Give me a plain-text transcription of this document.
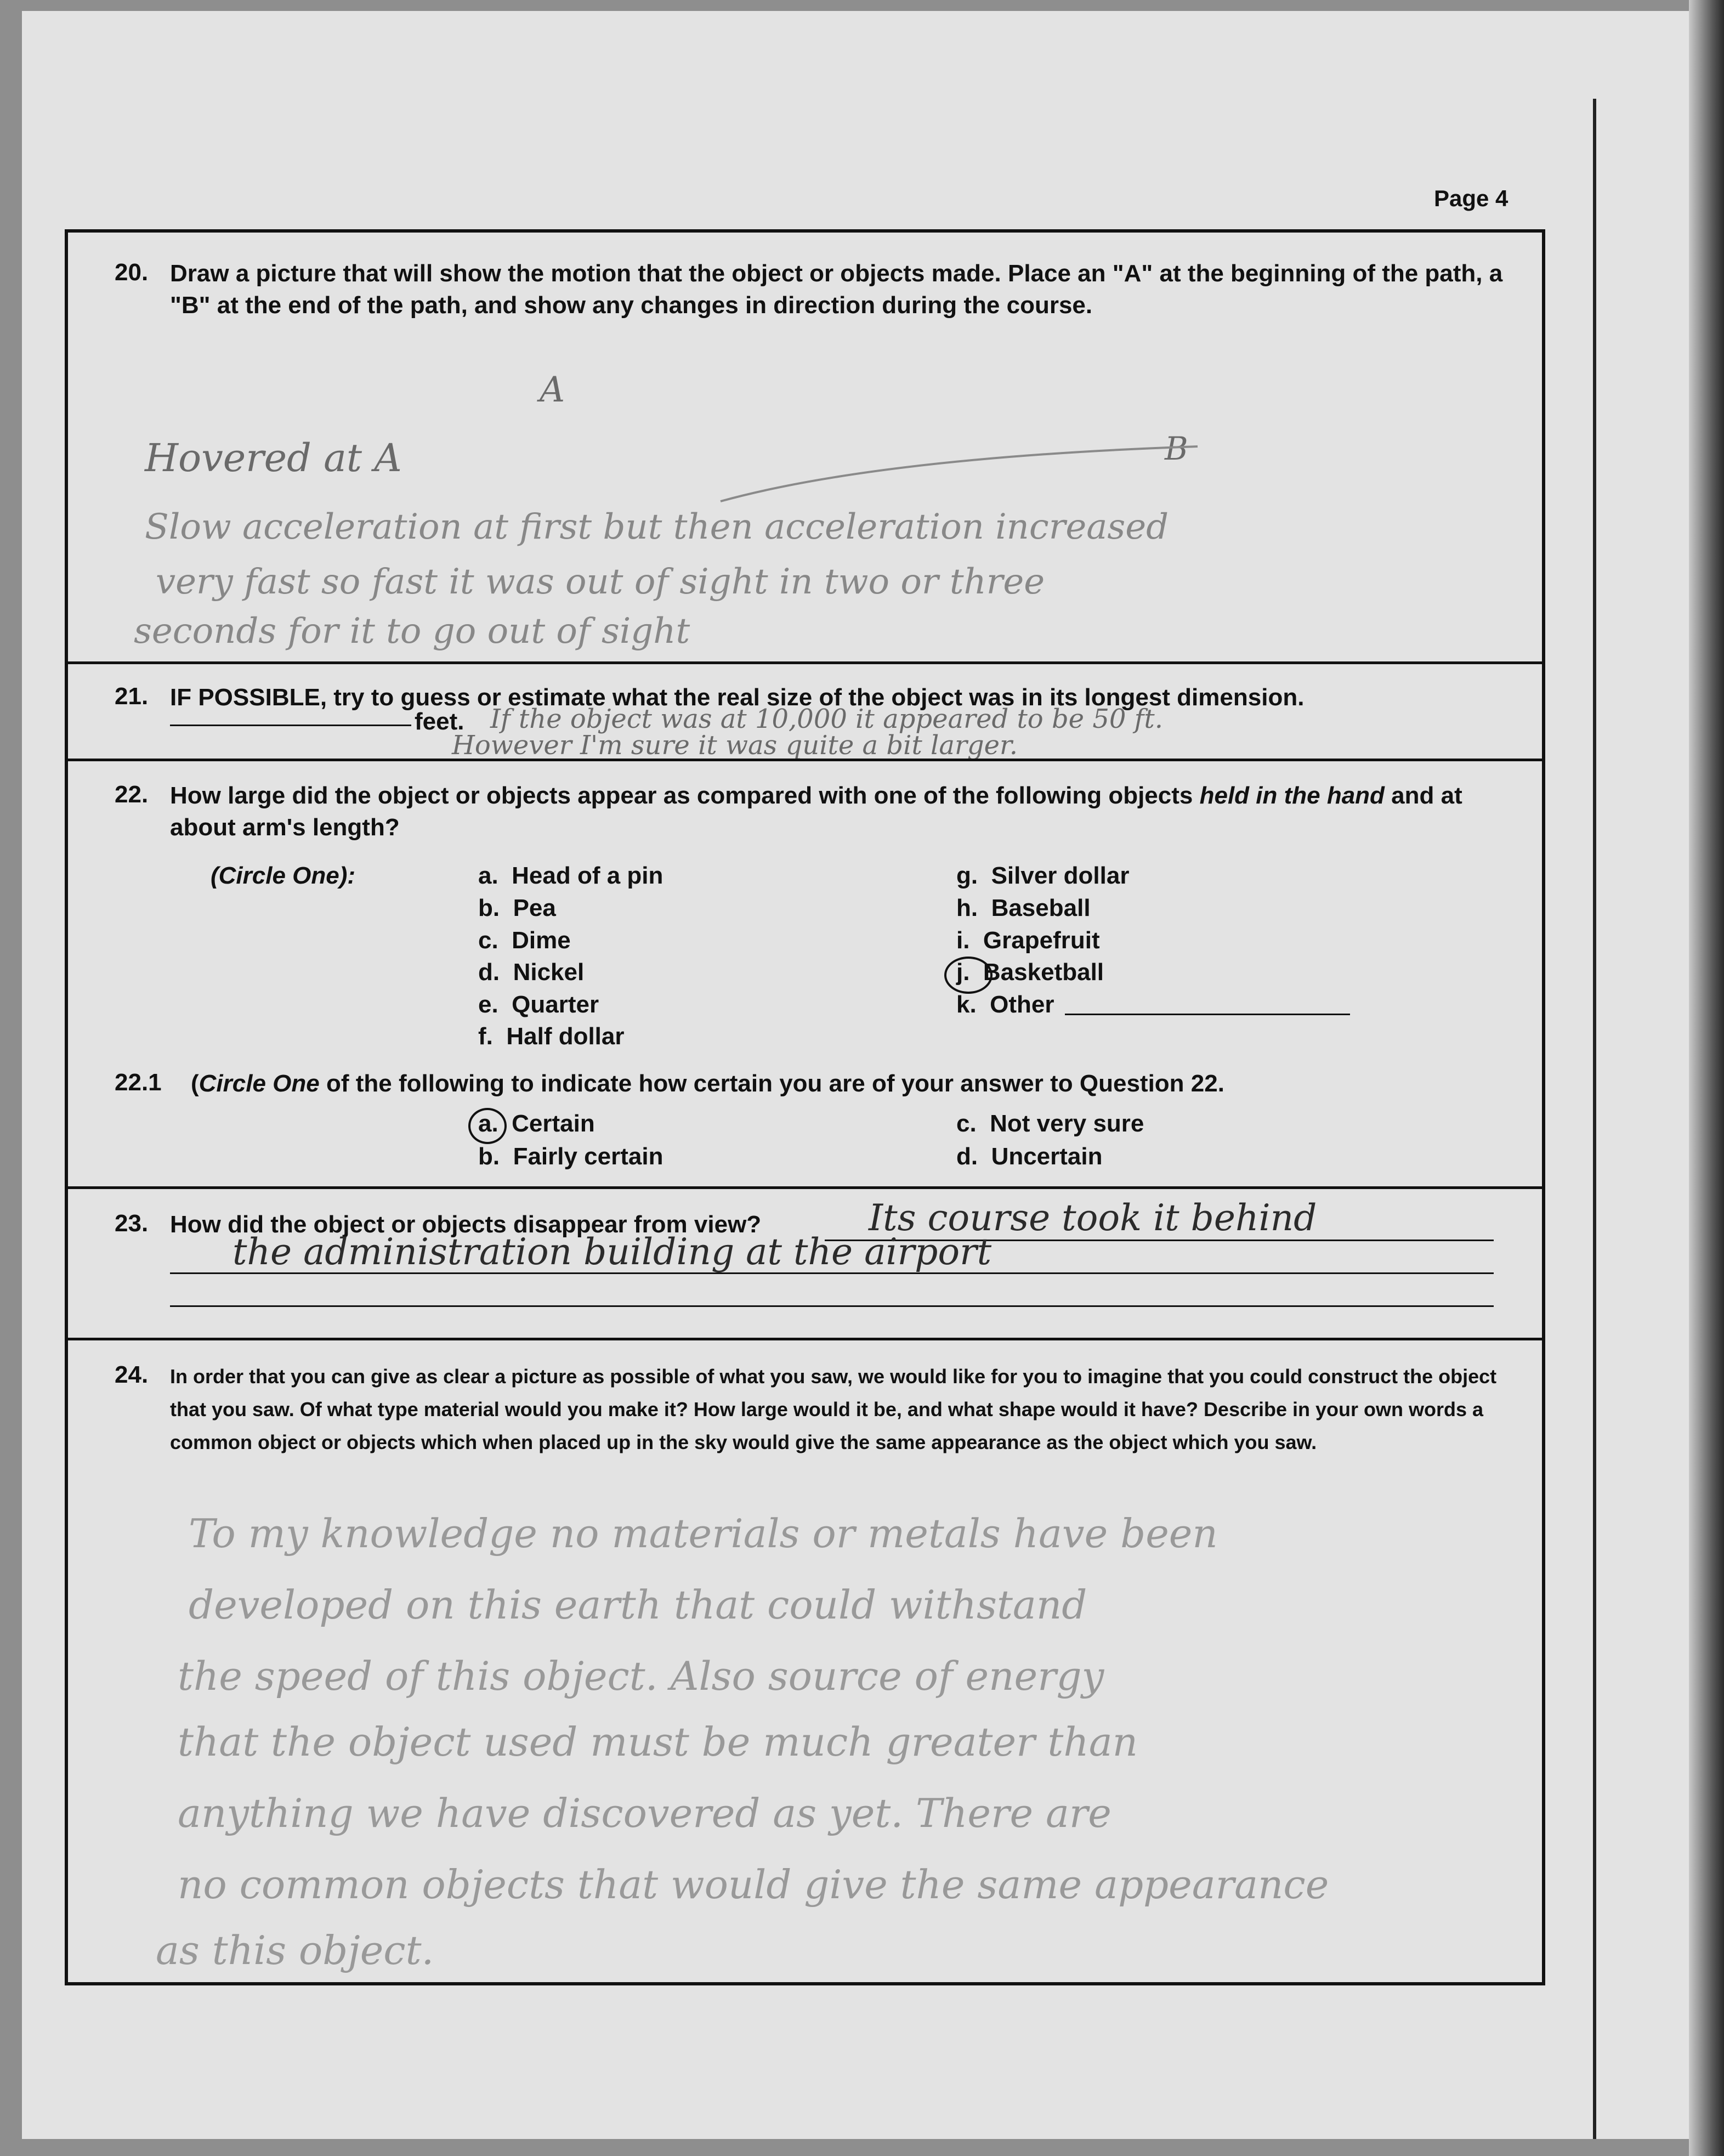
Page 4
20. Draw a picture that will show the motion that the object or objects made. Place an "A" at the beginning of the path, a "B" at the end of the path, and show any changes in direction during the course.
A
B
Hovered at A
Slow acceleration at first but then acceleration increased
very fast so fast it was out of sight in two or three
seconds for it to go out of sight
21. IF POSSIBLE, try to guess or estimate what the real size of the object was in its longest dimension.
feet. If the object was at 10,000 it appeared to be 50 ft.
However I'm sure it was quite a bit larger.
22. How large did the object or objects appear as compared with one of the following objects held in the hand and at about arm's length?
(Circle One):	a. Head of a pin
b. Pea
c. Dime
d. Nickel
e. Quarter
f. Half dollar
g. Silver dollar
h. Baseball
i. Grapefruit
j. Basketball
k. Other
22.1	(Circle One of the following to indicate how certain you are of your answer to Question 22.
a. Certain
b. Fairly certain
c. Not very sure
d. Uncertain
23. How did the object or objects disappear from view?	Its course took it behind
the administration building at the airport
24. In order that you can give as clear a picture as possible of what you saw, we would like for you to imagine that you could construct the object that you saw. Of what type material would you make it? How large would it be, and what shape would it have? Describe in your own words a common object or objects which when placed up in the sky would give the same appearance as the object which you saw.
To my knowledge no materials or metals have been
developed on this earth that could withstand
the speed of this object. Also source of energy
that the object used must be much greater than
anything we have discovered as yet. There are
no common objects that would give the same appearance
as this object.
